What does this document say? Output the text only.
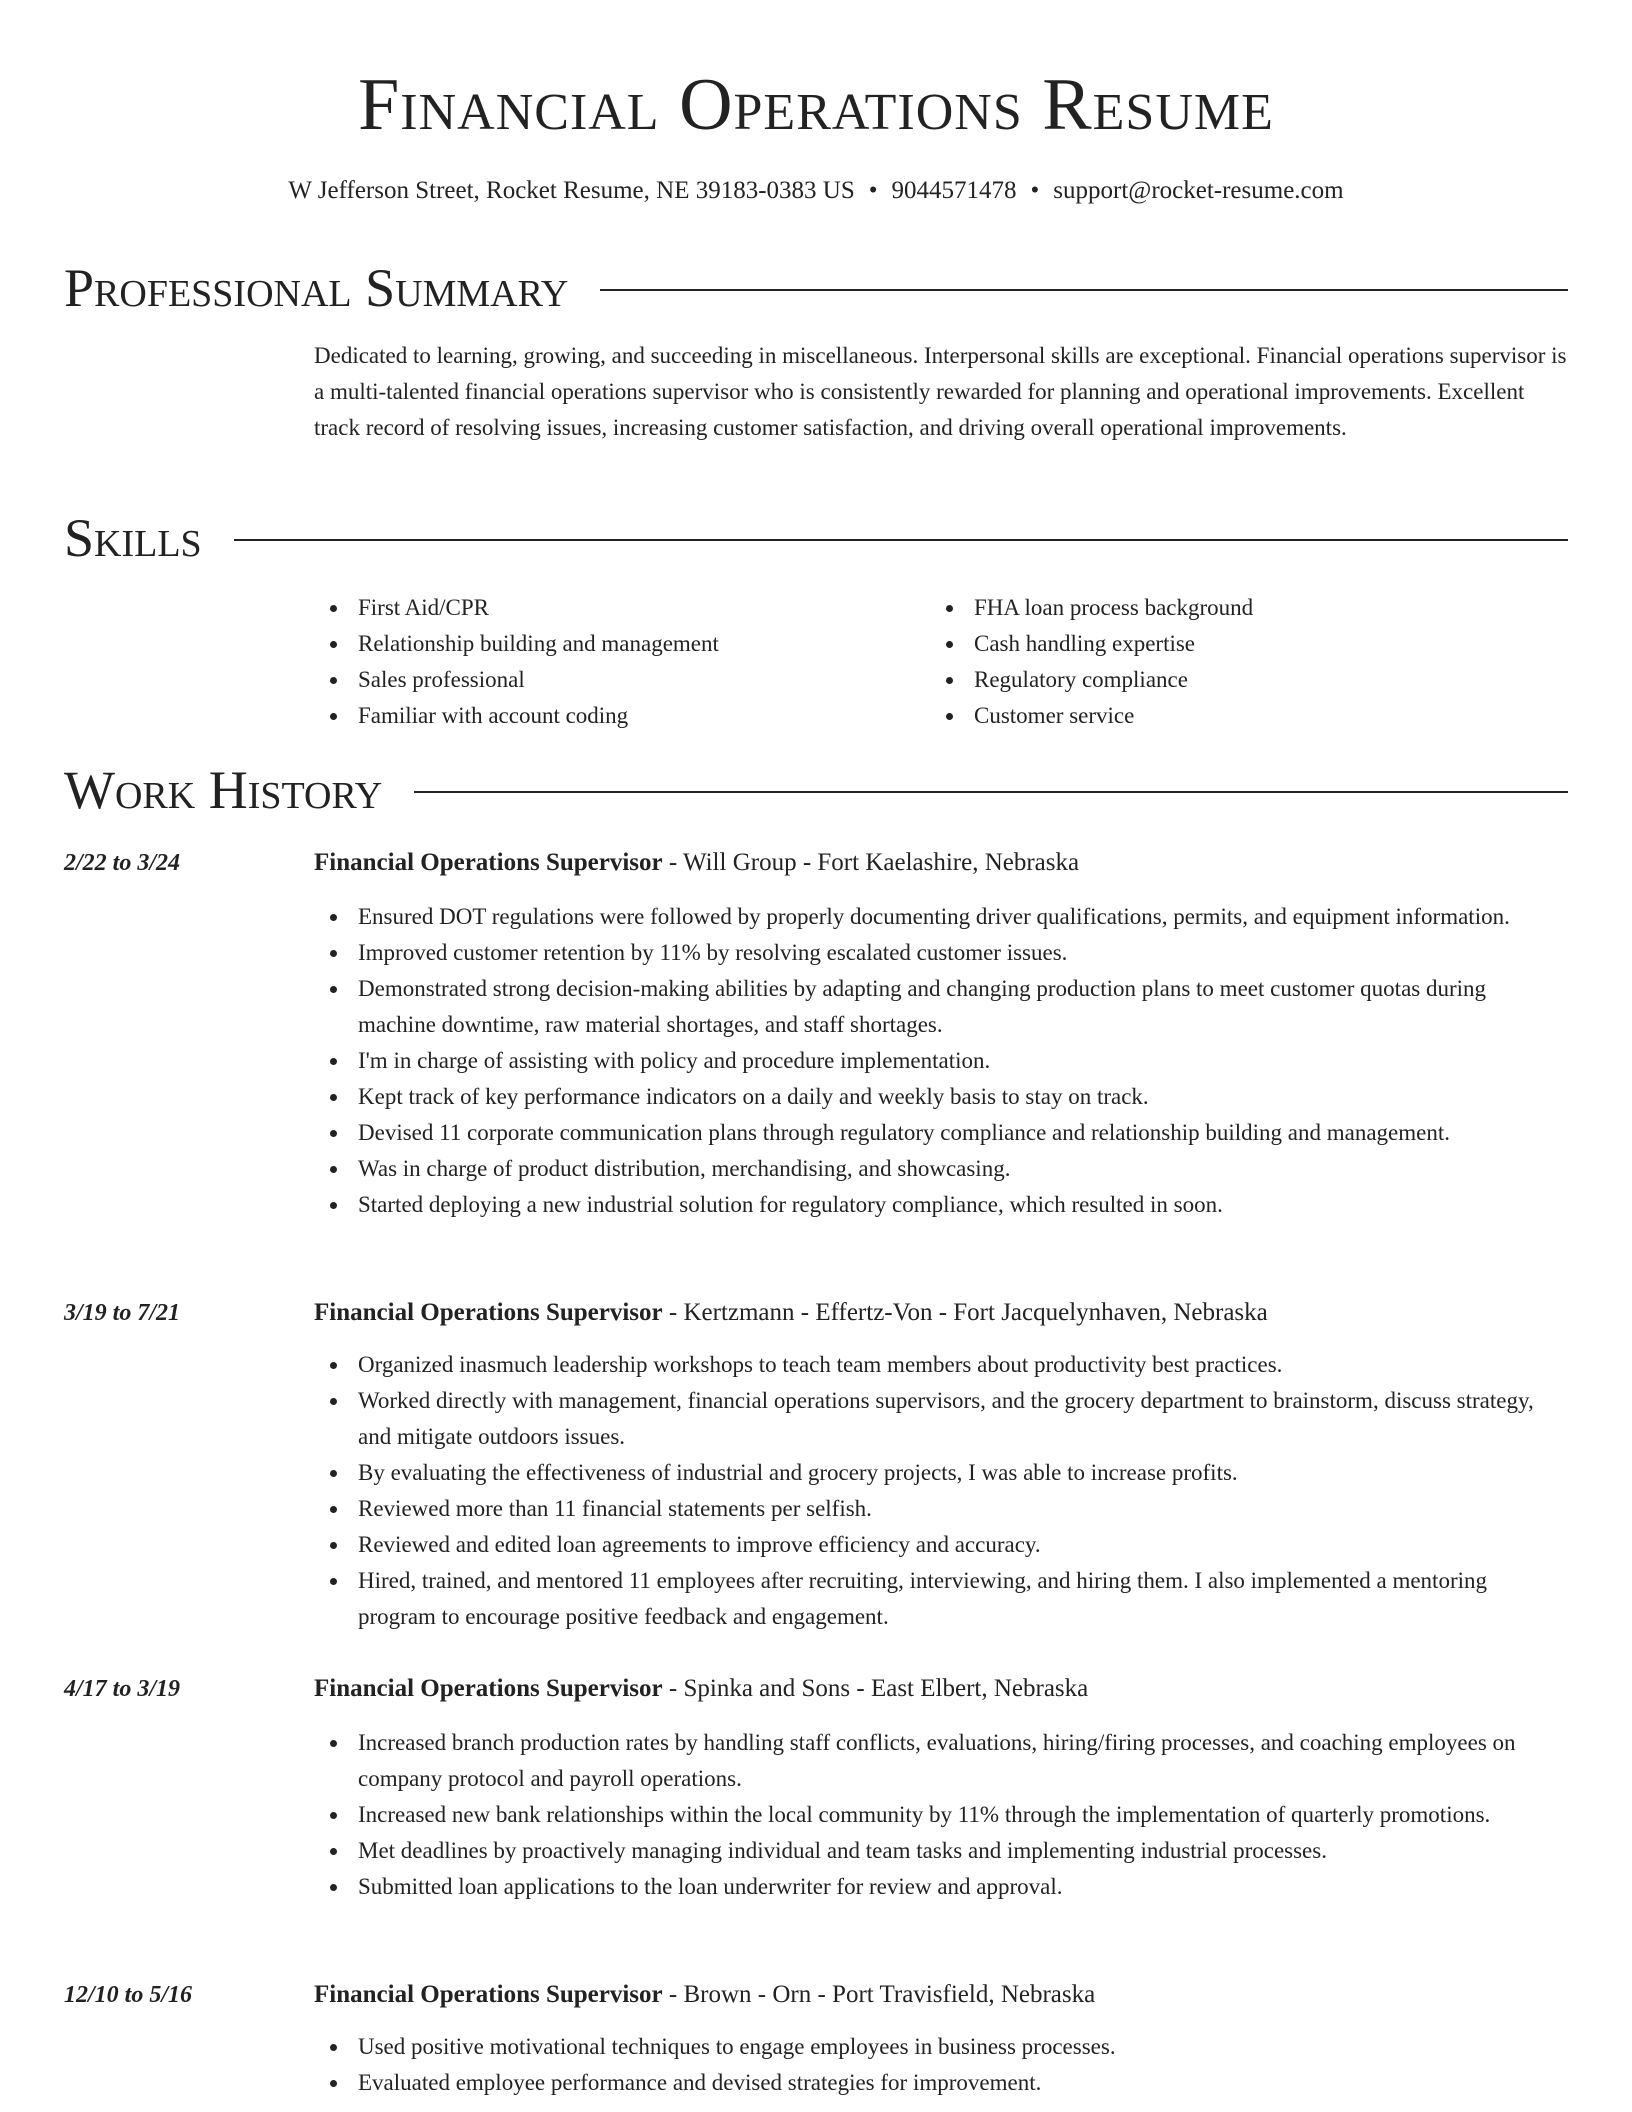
Financial Operations Resume
W Jefferson Street, Rocket Resume, NE 39183-0383 US • 9044571478 • support@rocket-resume.com
Professional Summary

Dedicated to learning, growing, and succeeding in miscellaneous. Interpersonal skills are exceptional. Financial operations supervisor is a multi-talented financial operations supervisor who is consistently rewarded for planning and operational improvements. Excellent track record of resolving issues, increasing customer satisfaction, and driving overall operational improvements.

Skills
First Aid/CPR
Relationship building and management
Sales professional
Familiar with account coding
FHA loan process background
Cash handling expertise
Regulatory compliance
Customer service
Work History
2/22 to 3/24	Financial Operations Supervisor - Will Group - Fort Kaelashire, Nebraska
Ensured DOT regulations were followed by properly documenting driver qualifications, permits, and equipment information.
Improved customer retention by 11% by resolving escalated customer issues.
Demonstrated strong decision-making abilities by adapting and changing production plans to meet customer quotas during machine downtime, raw material shortages, and staff shortages.
I'm in charge of assisting with policy and procedure implementation.
Kept track of key performance indicators on a daily and weekly basis to stay on track.
Devised 11 corporate communication plans through regulatory compliance and relationship building and management.
Was in charge of product distribution, merchandising, and showcasing.
Started deploying a new industrial solution for regulatory compliance, which resulted in soon.
3/19 to 7/21	Financial Operations Supervisor - Kertzmann - Effertz-Von - Fort Jacquelynhaven, Nebraska
Organized inasmuch leadership workshops to teach team members about productivity best practices.
Worked directly with management, financial operations supervisors, and the grocery department to brainstorm, discuss strategy, and mitigate outdoors issues.
By evaluating the effectiveness of industrial and grocery projects, I was able to increase profits.
Reviewed more than 11 financial statements per selfish.
Reviewed and edited loan agreements to improve efficiency and accuracy.
Hired, trained, and mentored 11 employees after recruiting, interviewing, and hiring them. I also implemented a mentoring program to encourage positive feedback and engagement.
4/17 to 3/19	Financial Operations Supervisor - Spinka and Sons - East Elbert, Nebraska
Increased branch production rates by handling staff conflicts, evaluations, hiring/firing processes, and coaching employees on company protocol and payroll operations.
Increased new bank relationships within the local community by 11% through the implementation of quarterly promotions.
Met deadlines by proactively managing individual and team tasks and implementing industrial processes.
Submitted loan applications to the loan underwriter for review and approval.
12/10 to 5/16	Financial Operations Supervisor - Brown - Orn - Port Travisfield, Nebraska
Used positive motivational techniques to engage employees in business processes.
Evaluated employee performance and devised strategies for improvement.
